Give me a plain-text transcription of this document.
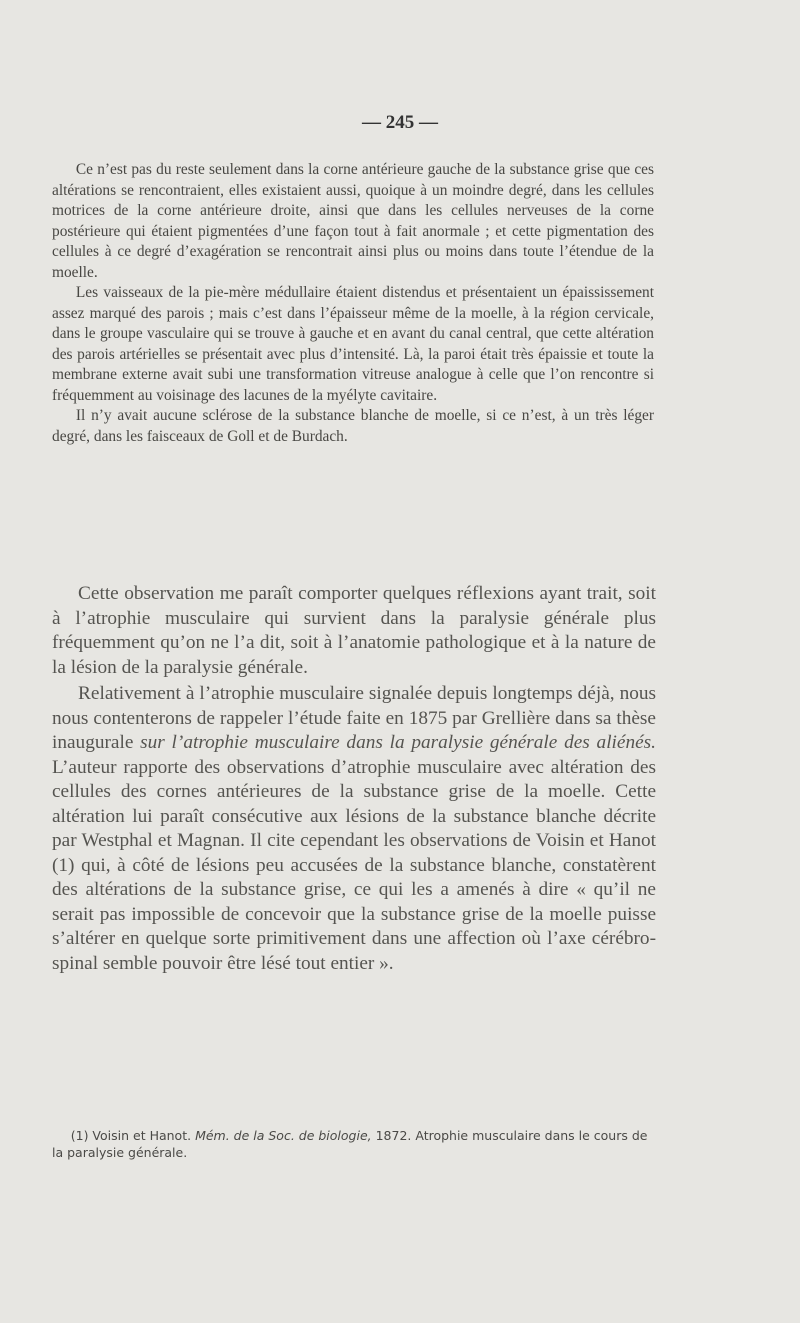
— 245 —

Ce n’est pas du reste seulement dans la corne antérieure gauche de la substance grise que ces altérations se rencontraient, elles existaient aussi, quoique à un moindre degré, dans les cellules motrices de la corne antérieure droite, ainsi que dans les cellules nerveuses de la corne postérieure qui étaient pigmentées d’une façon tout à fait anormale ; et cette pigmentation des cellules à ce degré d’exagération se rencontrait ainsi plus ou moins dans toute l’étendue de la moelle.

Les vaisseaux de la pie-mère médullaire étaient distendus et présentaient un épaississement assez marqué des parois ; mais c’est dans l’épaisseur même de la moelle, à la région cervicale, dans le groupe vasculaire qui se trouve à gauche et en avant du canal central, que cette altération des parois artérielles se présentait avec plus d’intensité. Là, la paroi était très épaissie et toute la membrane externe avait subi une transformation vitreuse analogue à celle que l’on rencontre si fréquemment au voisinage des lacunes de la myélyte cavitaire.

Il n’y avait aucune sclérose de la substance blanche de moelle, si ce n’est, à un très léger degré, dans les faisceaux de Goll et de Burdach.

Cette observation me paraît comporter quelques réflexions ayant trait, soit à l’atrophie musculaire qui survient dans la paralysie générale plus fréquemment qu’on ne l’a dit, soit à l’anatomie pathologique et à la nature de la lésion de la paralysie générale.

Relativement à l’atrophie musculaire signalée depuis longtemps déjà, nous nous contenterons de rappeler l’étude faite en 1875 par Grellière dans sa thèse inaugurale sur l’atrophie musculaire dans la paralysie générale des aliénés. L’auteur rapporte des observations d’atrophie musculaire avec altération des cellules des cornes antérieures de la substance grise de la moelle. Cette altération lui paraît consécutive aux lésions de la substance blanche décrite par Westphal et Magnan. Il cite cependant les observations de Voisin et Hanot (1) qui, à côté de lésions peu accusées de la substance blanche, constatèrent des altérations de la substance grise, ce qui les a amenés à dire « qu’il ne serait pas impossible de concevoir que la substance grise de la moelle puisse s’altérer en quelque sorte primitivement dans une affection où l’axe cérébro-spinal semble pouvoir être lésé tout entier ».

(1) Voisin et Hanot. Mém. de la Soc. de biologie, 1872. Atrophie musculaire dans le cours de la paralysie générale.
